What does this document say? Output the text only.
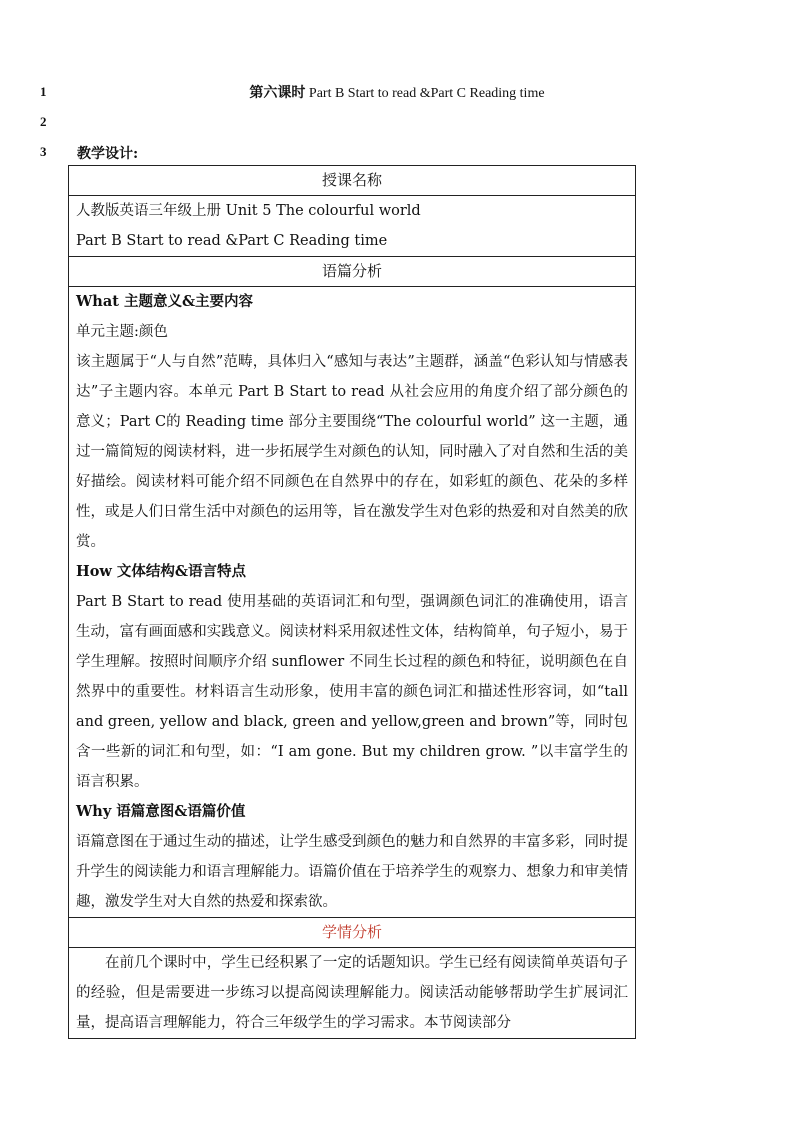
1
2
3
第六课时 Part B Start to read &Part C Reading time
教学设计:
授课名称

人教版英语三年级上册 Unit 5 The colourful world

Part B Start to read &Part C Reading time

语篇分析

What 主题意义&主要内容

单元主题:颜色

该主题属于“人与自然”范畴，具体归入“感知与表达”主题群，涵盖“色彩认知与情感表达”子主题内容。本单元 Part B Start to read 从社会应用的角度介绍了部分颜色的意义；Part C的 Reading time 部分主要围绕“The colourful world” 这一主题，通过一篇简短的阅读材料，进一步拓展学生对颜色的认知，同时融入了对自然和生活的美好描绘。阅读材料可能介绍不同颜色在自然界中的存在，如彩虹的颜色、花朵的多样性，或是人们日常生活中对颜色的运用等，旨在激发学生对色彩的热爱和对自然美的欣赏。

How 文体结构&语言特点

Part B Start to read 使用基础的英语词汇和句型，强调颜色词汇的准确使用，语言生动，富有画面感和实践意义。阅读材料采用叙述性文体，结构简单，句子短小，易于学生理解。按照时间顺序介绍 sunflower 不同生长过程的颜色和特征，说明颜色在自然界中的重要性。材料语言生动形象，使用丰富的颜色词汇和描述性形容词，如“tall and green, yellow and black, green and yellow,green and brown”等，同时包含一些新的词汇和句型，如：“I am gone. But my children grow. ”以丰富学生的语言积累。

Why 语篇意图&语篇价值

语篇意图在于通过生动的描述，让学生感受到颜色的魅力和自然界的丰富多彩，同时提升学生的阅读能力和语言理解能力。语篇价值在于培养学生的观察力、想象力和审美情趣，激发学生对大自然的热爱和探索欲。

学情分析

在前几个课时中，学生已经积累了一定的话题知识。学生已经有阅读简单英语句子的经验，但是需要进一步练习以提高阅读理解能力。阅读活动能够帮助学生扩展词汇量，提高语言理解能力，符合三年级学生的学习需求。本节阅读部分
